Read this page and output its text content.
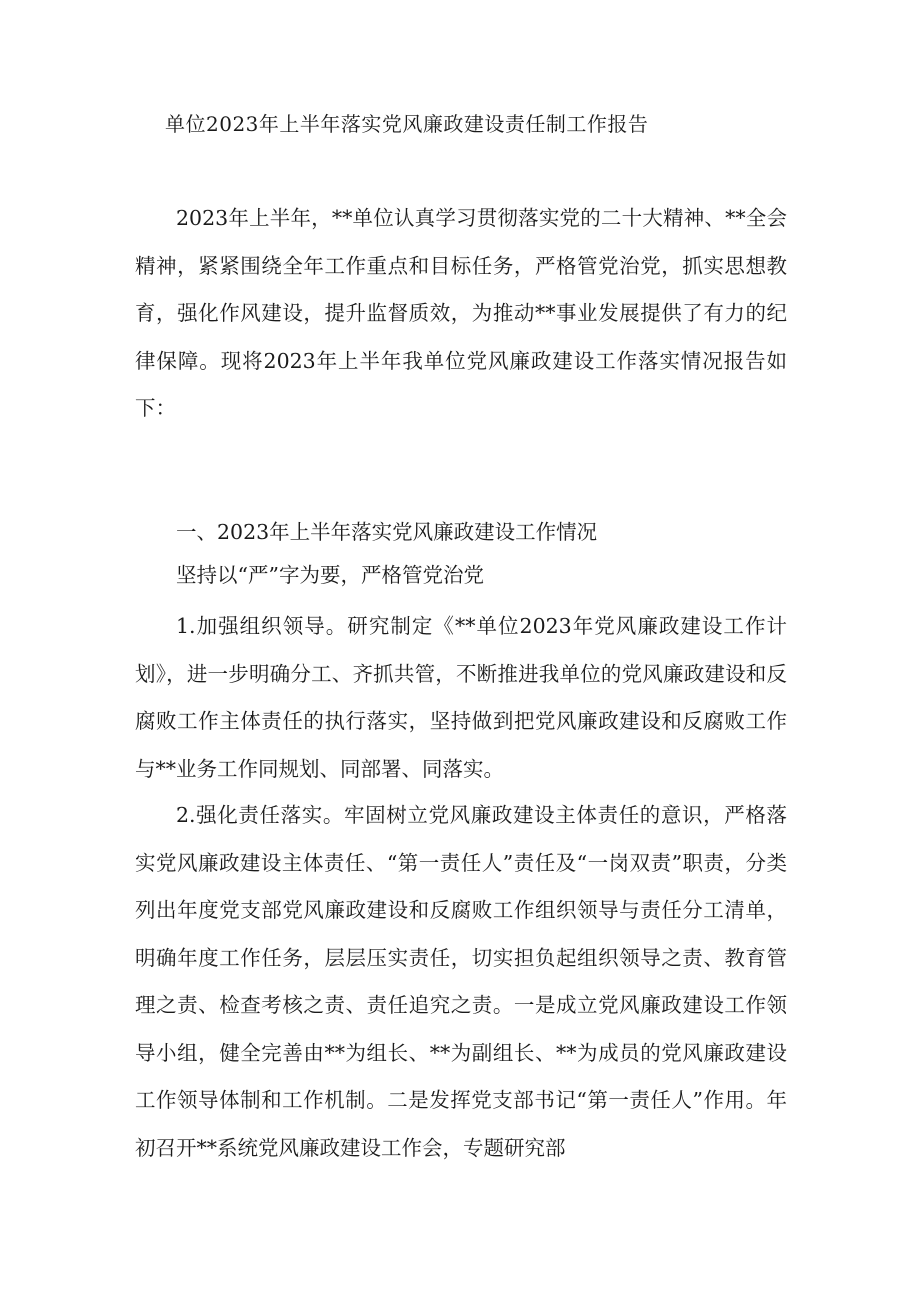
单位2023年上半年落实党风廉政建设责任制工作报告

2023年上半年，**单位认真学习贯彻落实党的二十大精神、**全会精神，紧紧围绕全年工作重点和目标任务，严格管党治党，抓实思想教育，强化作风建设，提升监督质效，为推动**事业发展提供了有力的纪律保障。现将2023年上半年我单位党风廉政建设工作落实情况报告如下：

一、2023年上半年落实党风廉政建设工作情况

坚持以“严”字为要，严格管党治党

1.加强组织领导。研究制定《**单位2023年党风廉政建设工作计划》，进一步明确分工、齐抓共管，不断推进我单位的党风廉政建设和反腐败工作主体责任的执行落实，坚持做到把党风廉政建设和反腐败工作与**业务工作同规划、同部署、同落实。

2.强化责任落实。牢固树立党风廉政建设主体责任的意识，严格落实党风廉政建设主体责任、“第一责任人”责任及“一岗双责”职责，分类列出年度党支部党风廉政建设和反腐败工作组织领导与责任分工清单，明确年度工作任务，层层压实责任，切实担负起组织领导之责、教育管理之责、检查考核之责、责任追究之责。一是成立党风廉政建设工作领导小组，健全完善由**为组长、**为副组长、**为成员的党风廉政建设工作领导体制和工作机制。二是发挥党支部书记“第一责任人”作用。年初召开**系统党风廉政建设工作会，专题研究部
